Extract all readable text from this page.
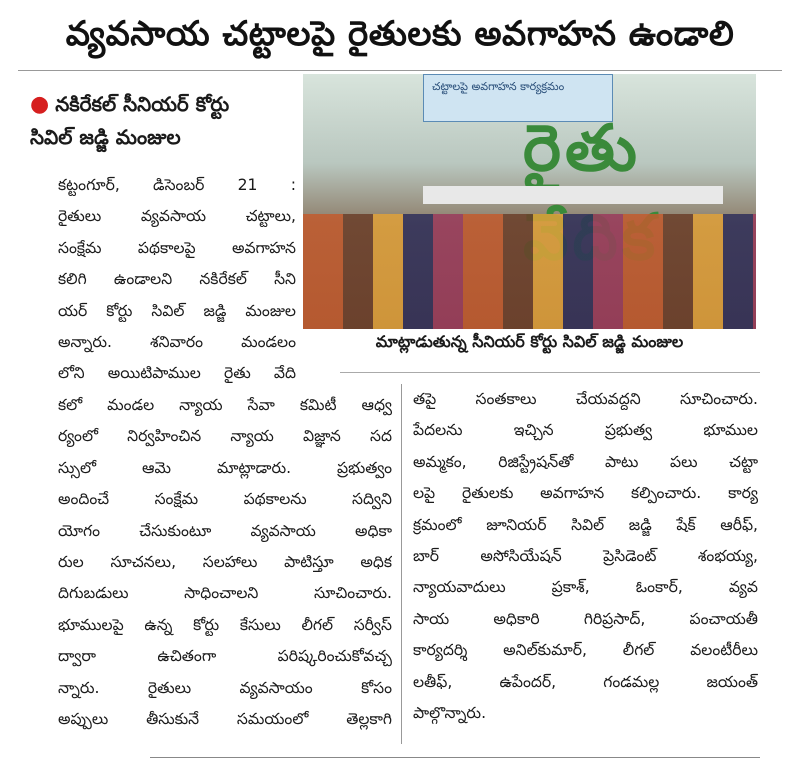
వ్యవసాయ చట్టాలపై రైతులకు అవగాహన ఉండాలి
● నకిరేకల్ సీనియర్ కోర్టు
సివిల్ జడ్జి మంజుల
చట్టాలపై అవగాహన కార్యక్రమం
రైతు
మాట్లాడుతున్న సీనియర్ కోర్టు సివిల్ జడ్జి మంజుల
కట్టంగూర్, డిసెంబర్ 21 :
రైతులు వ్యవసాయ చట్టాలు,
సంక్షేమ పథకాలపై అవగాహన
కలిగి ఉండాలని నకిరేకల్ సీని
యర్ కోర్టు సివిల్ జడ్జి మంజుల
అన్నారు. శనివారం మండలం
లోని అయిటిపాముల రైతు వేది
కలో మండల న్యాయ సేవా కమిటీ ఆధ్వ
ర్యంలో నిర్వహించిన న్యాయ విజ్ఞాన సద
స్సులో ఆమె మాట్లాడారు. ప్రభుత్వం
అందించే సంక్షేమ పథకాలను సద్విని
యోగం చేసుకుంటూ వ్యవసాయ అధికా
రుల సూచనలు, సలహాలు పాటిస్తూ అధిక
దిగుబడులు సాధించాలని సూచించారు.
భూములపై ఉన్న కోర్టు కేసులు లీగల్ సర్వీస్
ద్వారా ఉచితంగా పరిష్కరించుకోవచ్చ
న్నారు. రైతులు వ్యవసాయం కోసం
అప్పులు తీసుకునే సమయంలో తెల్లకాగి
తపై సంతకాలు చేయవద్దని సూచించారు.
పేదలను ఇచ్చిన ప్రభుత్వ భూముల
అమ్మకం, రిజిస్ట్రేషన్‌తో పాటు పలు చట్టా
లపై రైతులకు అవగాహన కల్పించారు. కార్య
క్రమంలో జూనియర్ సివిల్ జడ్జి షేక్ ఆరీఫ్,
బార్ అసోసియేషన్ ప్రెసిడెంట్ శంభయ్య,
న్యాయవాదులు ప్రకాశ్, ఓంకార్, వ్యవ
సాయ అధికారి గిరిప్రసాద్, పంచాయతీ
కార్యదర్శి అనిల్‌కుమార్, లీగల్ వలంటీరీలు
లతీఫ్, ఉపేందర్, గండమల్ల జయంత్
పాల్గొన్నారు.
